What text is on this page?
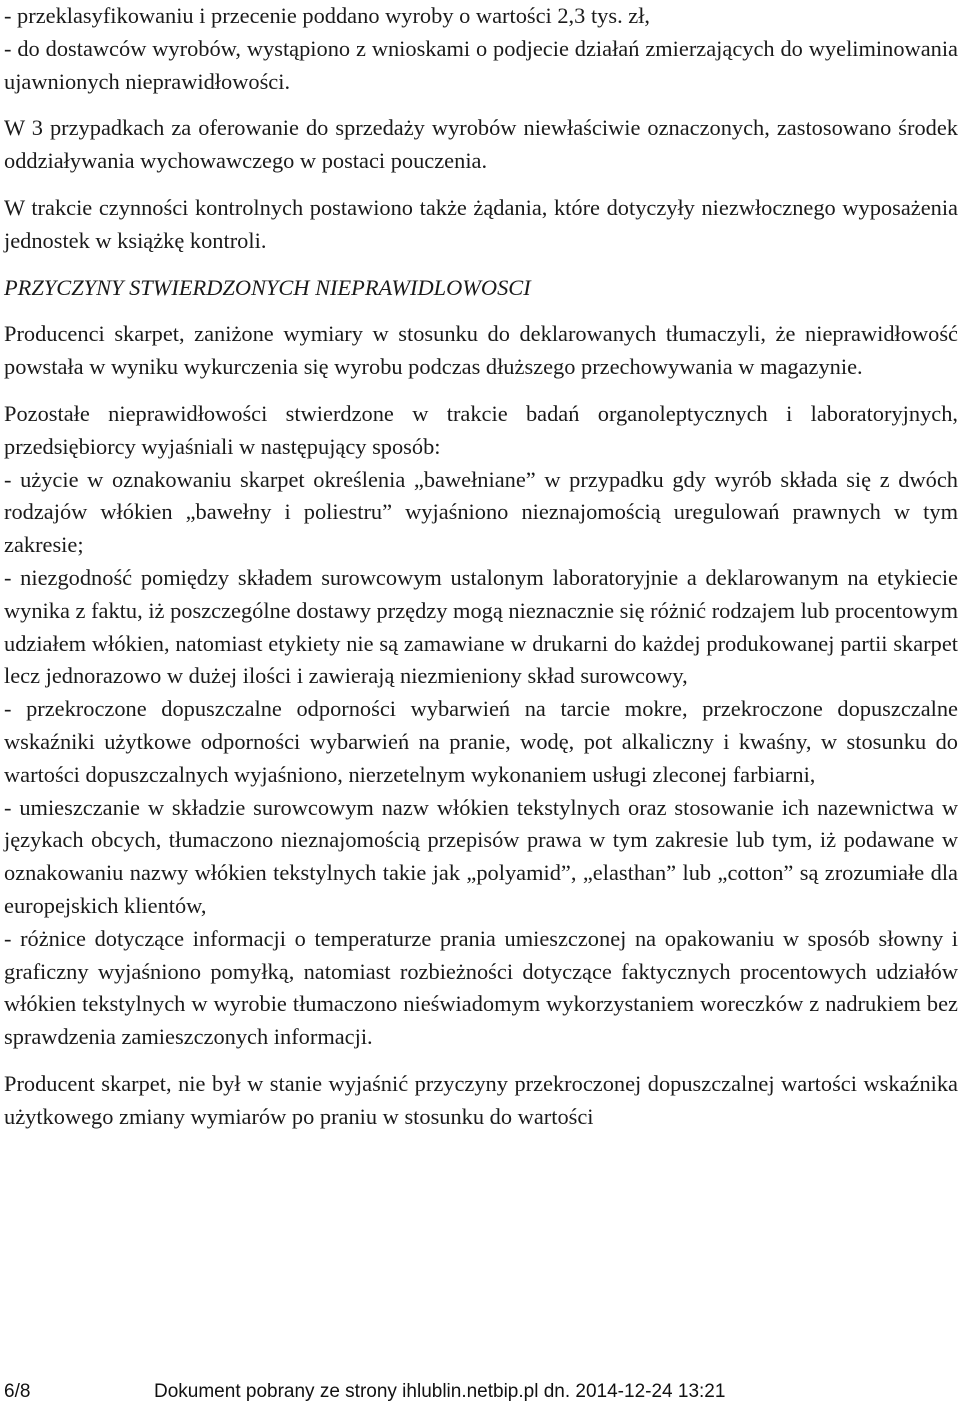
- przeklasyfikowaniu i przecenie poddano wyroby o wartości 2,3 tys. zł,

- do dostawców wyrobów, wystąpiono z wnioskami o podjecie działań zmierzających do wyeliminowania ujawnionych nieprawidłowości.

W 3 przypadkach za oferowanie do sprzedaży wyrobów niewłaściwie oznaczonych, zastosowano środek oddziaływania wychowawczego w postaci pouczenia.

W trakcie czynności kontrolnych postawiono także żądania, które dotyczyły niezwłocznego wyposażenia jednostek w książkę kontroli.

PRZYCZYNY STWIERDZONYCH NIEPRAWIDLOWOSCI

Producenci skarpet, zaniżone wymiary w stosunku do deklarowanych tłumaczyli, że nieprawidłowość powstała w wyniku wykurczenia się wyrobu podczas dłuższego przechowywania w magazynie.

Pozostałe nieprawidłowości stwierdzone w trakcie badań organoleptycznych i laboratoryjnych, przedsiębiorcy wyjaśniali w następujący sposób:

- użycie w oznakowaniu skarpet określenia „bawełniane” w przypadku gdy wyrób składa się z dwóch rodzajów włókien „bawełny i poliestru” wyjaśniono nieznajomością uregulowań prawnych w tym zakresie;

- niezgodność pomiędzy składem surowcowym ustalonym laboratoryjnie a deklarowanym na etykiecie wynika z faktu, iż poszczególne dostawy przędzy mogą nieznacznie się różnić rodzajem lub procentowym udziałem włókien, natomiast etykiety nie są zamawiane w drukarni do każdej produkowanej partii skarpet lecz jednorazowo w dużej ilości i zawierają niezmieniony skład surowcowy,

- przekroczone dopuszczalne odporności wybarwień na tarcie mokre, przekroczone dopuszczalne wskaźniki użytkowe odporności wybarwień na pranie, wodę, pot alkaliczny i kwaśny, w stosunku do wartości dopuszczalnych wyjaśniono, nierzetelnym wykonaniem usługi zleconej farbiarni,

- umieszczanie w składzie surowcowym nazw włókien tekstylnych oraz stosowanie ich nazewnictwa w językach obcych, tłumaczono nieznajomością przepisów prawa w tym zakresie lub tym, iż podawane w oznakowaniu nazwy włókien tekstylnych takie jak „polyamid”, „elasthan” lub „cotton” są zrozumiałe dla europejskich klientów,

- różnice dotyczące informacji o temperaturze prania umieszczonej na opakowaniu w sposób słowny i graficzny wyjaśniono pomyłką, natomiast rozbieżności dotyczące faktycznych procentowych udziałów włókien tekstylnych w wyrobie tłumaczono nieświadomym wykorzystaniem woreczków z nadrukiem bez sprawdzenia zamieszczonych informacji.

Producent skarpet, nie był w stanie wyjaśnić przyczyny przekroczonej dopuszczalnej wartości wskaźnika użytkowego zmiany wymiarów po praniu w stosunku do wartości

6/8	Dokument pobrany ze strony ihlublin.netbip.pl dn. 2014-12-24 13:21
